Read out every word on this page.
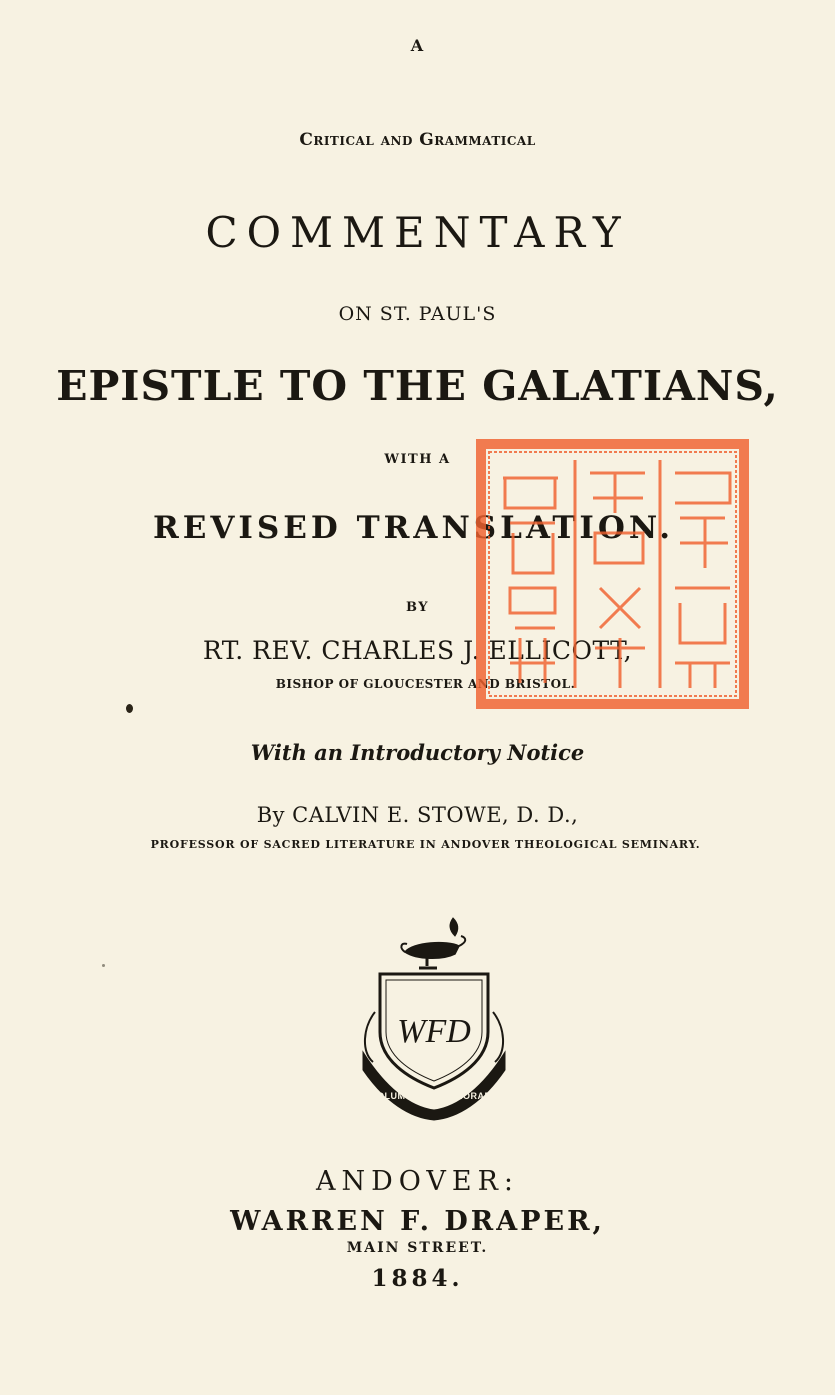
A
Critical and Grammatical
COMMENTARY
ON ST. PAUL'S
EPISTLE TO THE GALATIANS,
WITH A
REVISED TRANSLATION.
BY
RT. REV. CHARLES J. ELLICOTT,
BISHOP OF GLOUCESTER AND BRISTOL.
With an Introductory Notice
By CALVIN E. STOWE, D. D.,
PROFESSOR OF SACRED LITERATURE IN ANDOVER THEOLOGICAL SEMINARY.
WFD
NOLUMUS VOS IGNORARE
ANDOVER:
WARREN F. DRAPER,
MAIN STREET.
1884.
